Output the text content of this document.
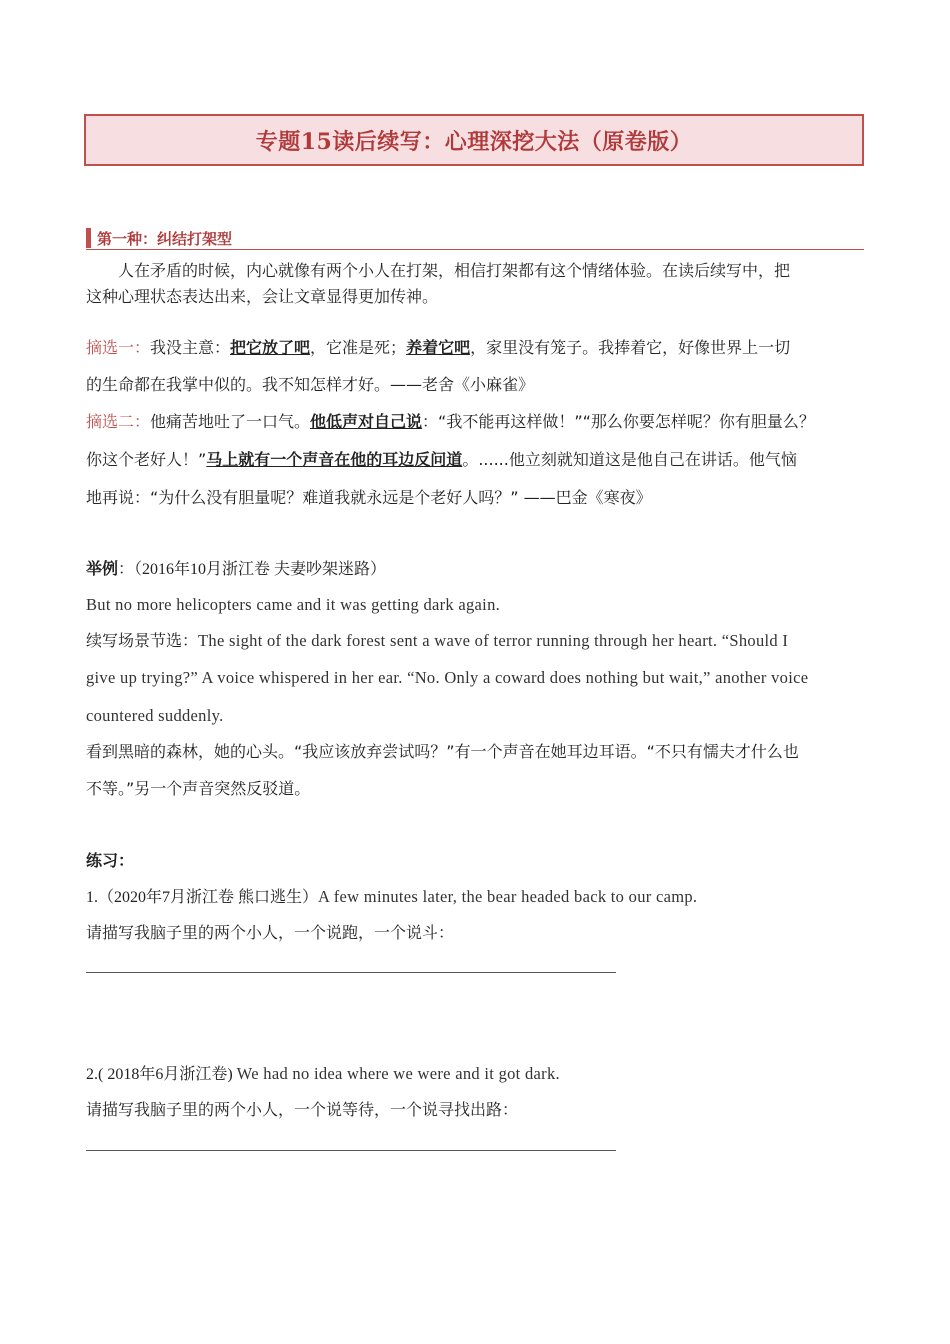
专题15读后续写：心理深挖大法（原卷版）
第一种：纠结打架型
人在矛盾的时候，内心就像有两个小人在打架，相信打架都有这个情绪体验。在读后续写中，把
这种心理状态表达出来，会让文章显得更加传神。
摘选一：我没主意：把它放了吧，它准是死；养着它吧，家里没有笼子。我捧着它，好像世界上一切
的生命都在我掌中似的。我不知怎样才好。——老舍《小麻雀》
摘选二：他痛苦地吐了一口气。他低声对自己说：“我不能再这样做！”“那么你要怎样呢？你有胆量么？
你这个老好人！”马上就有一个声音在他的耳边反问道。......他立刻就知道这是他自己在讲话。他气恼
地再说：“为什么没有胆量呢？难道我就永远是个老好人吗？” ——巴金《寒夜》
举例：（2016年10月浙江卷 夫妻吵架迷路）
But no more helicopters came and it was getting dark again.
续写场景节选：The sight of the dark forest sent a wave of terror running through her heart. “Should I
give up trying?” A voice whispered in her ear. “No. Only a coward does nothing but wait,” another voice
countered suddenly.
看到黑暗的森林，她的心头。“我应该放弃尝试吗？”有一个声音在她耳边耳语。“不只有懦夫才什么也
不等。”另一个声音突然反驳道。
练习：
1.（2020年7月浙江卷 熊口逃生）A few minutes later, the bear headed back to our camp.
请描写我脑子里的两个小人，一个说跑，一个说斗：
2.( 2018年6月浙江卷) We had no idea where we were and it got dark.
请描写我脑子里的两个小人，一个说等待，一个说寻找出路：
